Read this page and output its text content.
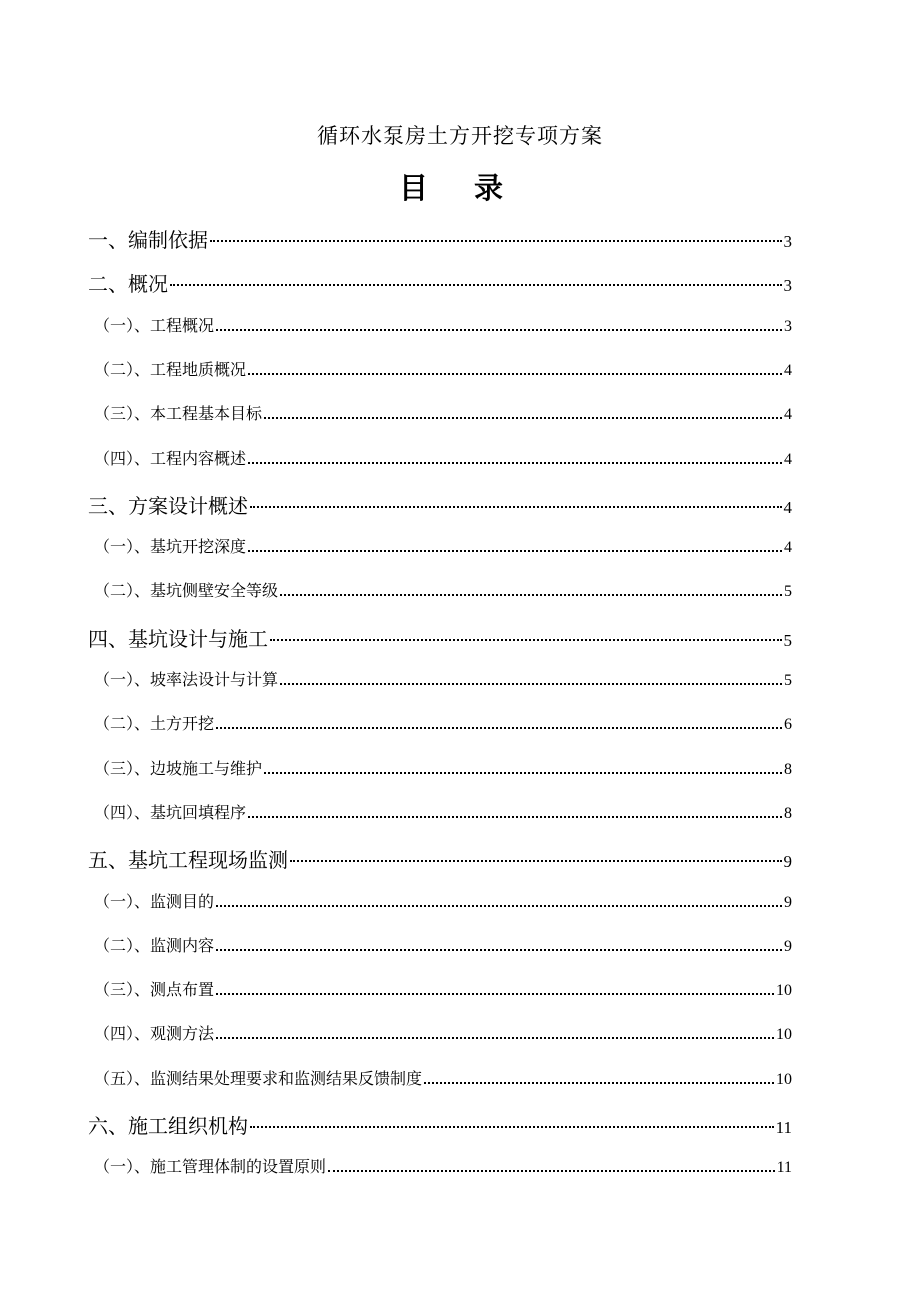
循环水泵房土方开挖专项方案
目 录
一、编制依据	3
二、概况	3
（一）、工程概况	3
（二）、工程地质概况	4
（三）、本工程基本目标	4
（四）、工程内容概述	4
三、方案设计概述	4
（一）、基坑开挖深度	4
（二）、基坑侧壁安全等级	5
四、基坑设计与施工	5
（一）、坡率法设计与计算	5
（二）、土方开挖	6
（三）、边坡施工与维护	8
（四）、基坑回填程序	8
五、基坑工程现场监测	9
（一）、监测目的	9
（二）、监测内容	9
（三）、测点布置	10
（四）、观测方法	10
（五）、监测结果处理要求和监测结果反馈制度	10
六、施工组织机构	11
（一）、施工管理体制的设置原则	11
